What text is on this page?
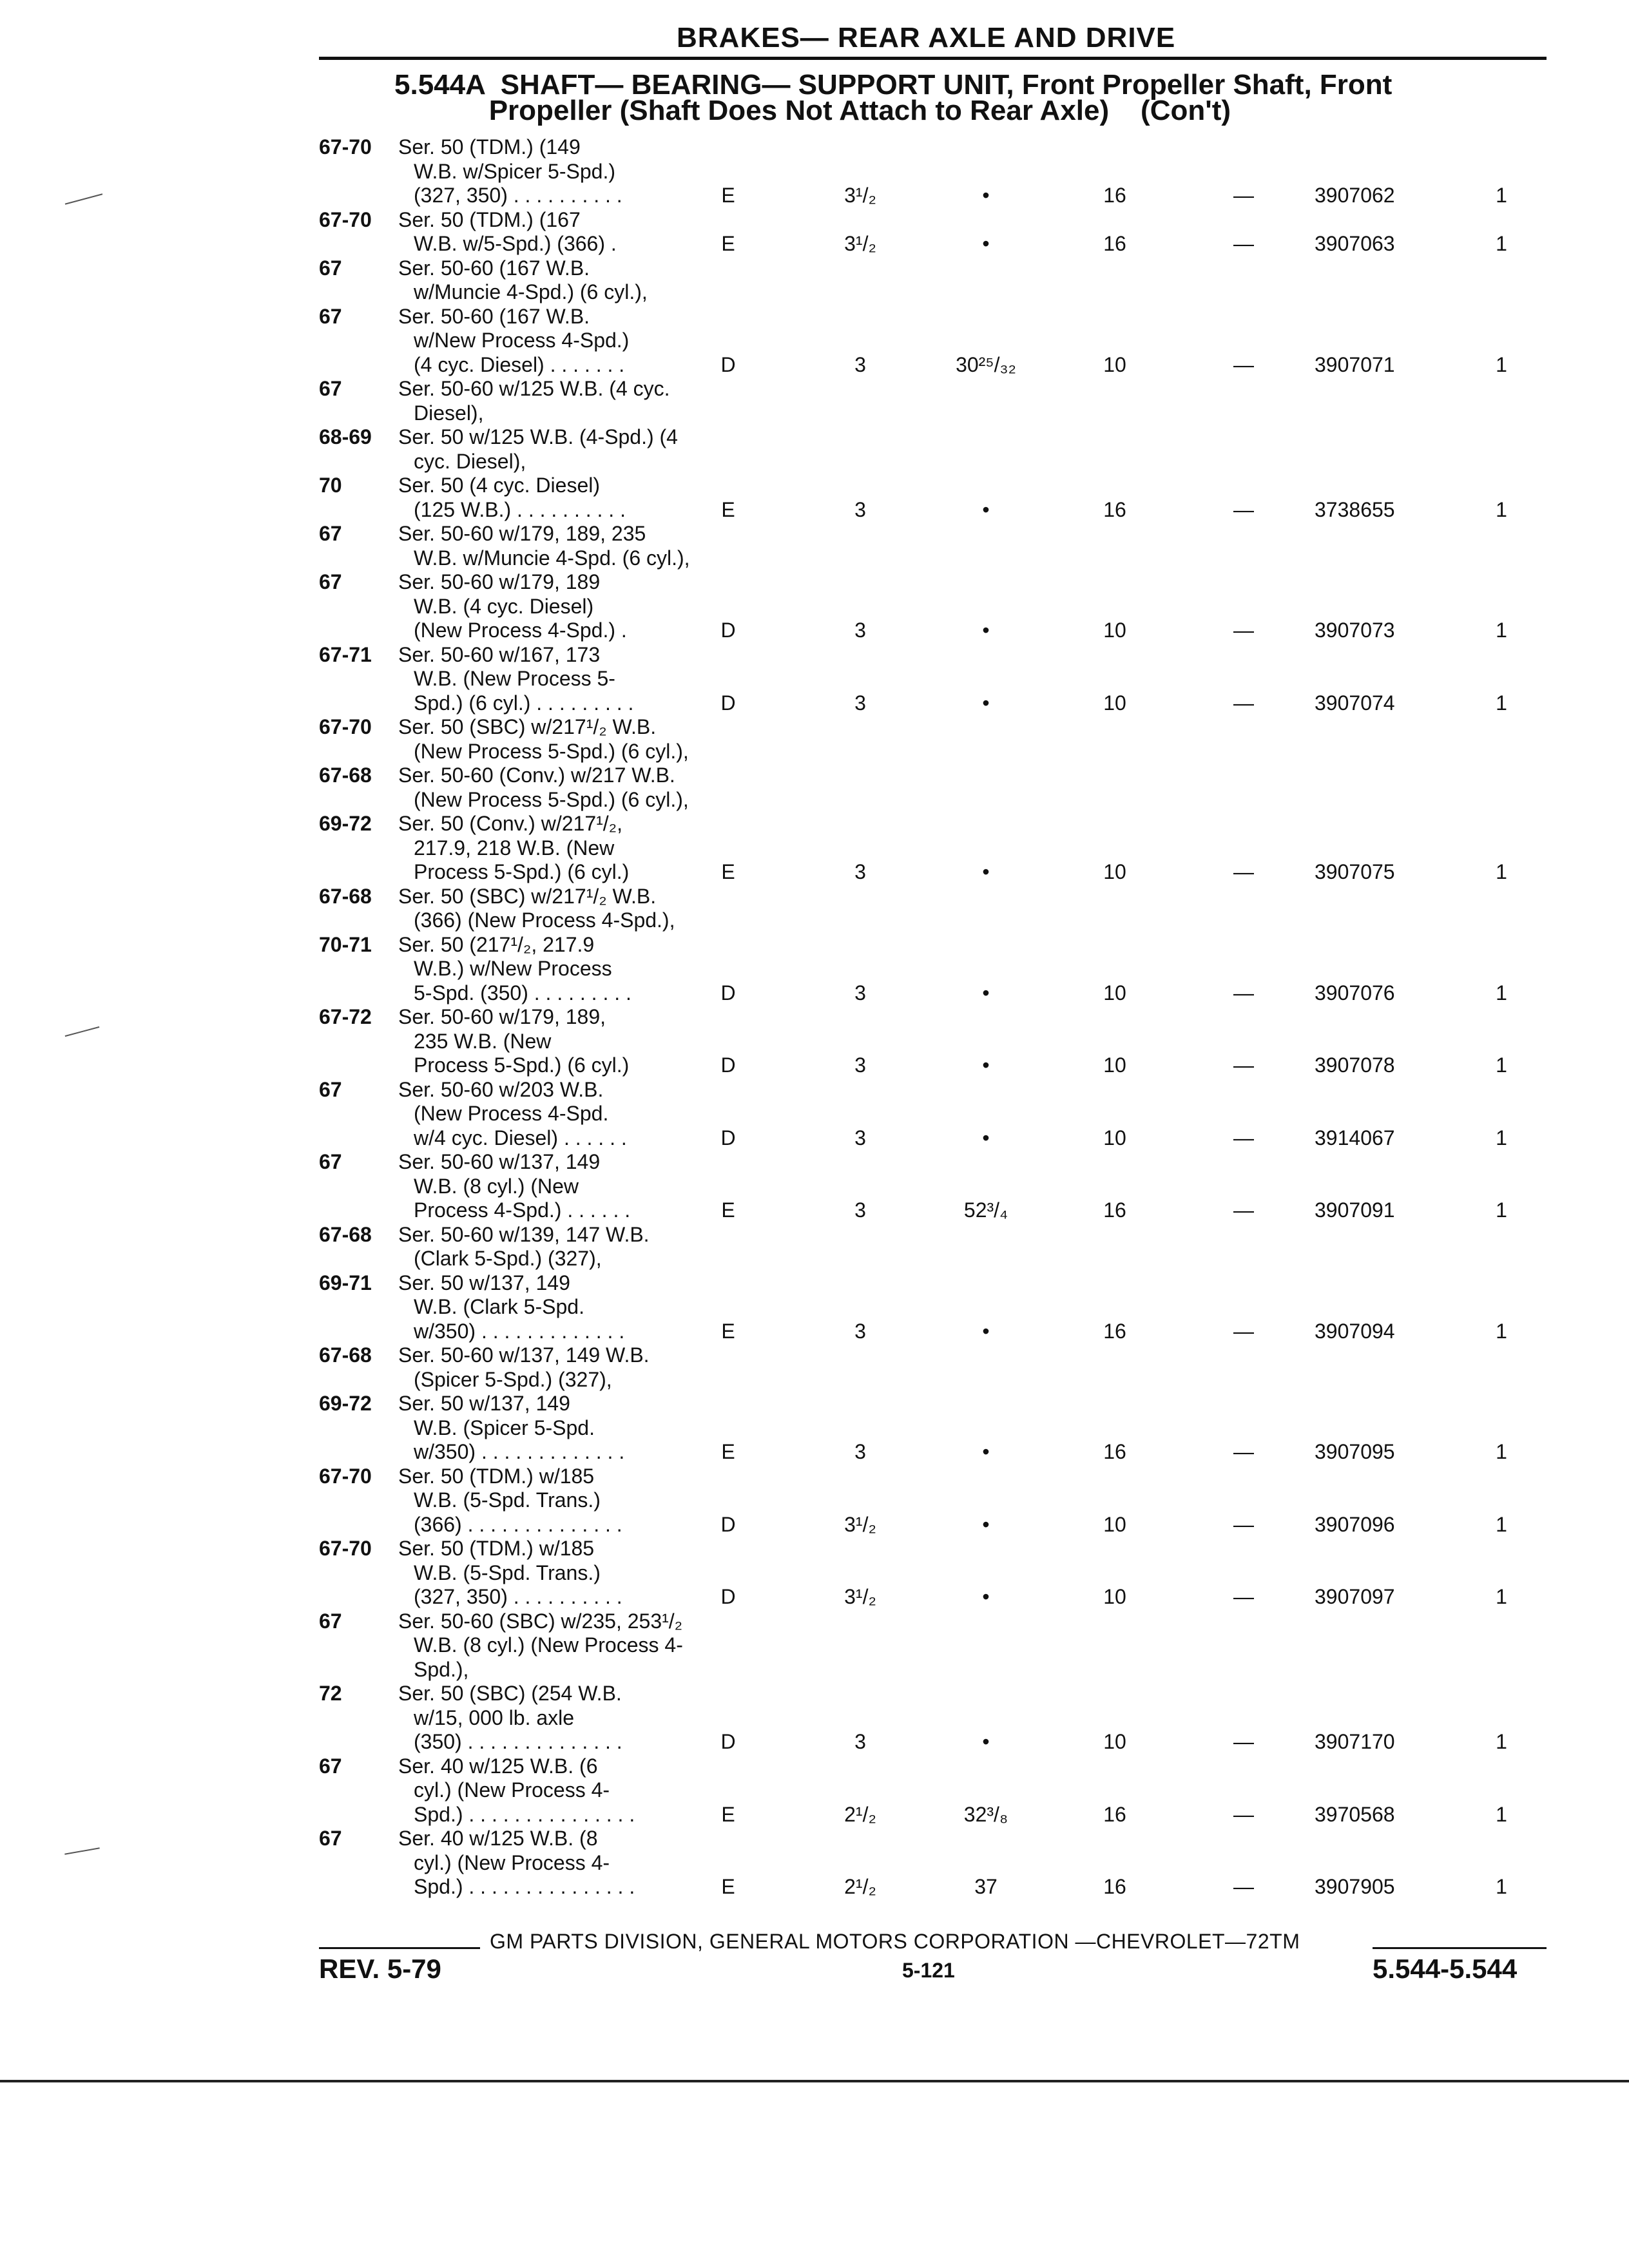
BRAKES— REAR AXLE AND DRIVE
5.544A  SHAFT— BEARING— SUPPORT UNIT, Front Propeller Shaft, Front
Propeller (Shaft Does Not Attach to Rear Axle)    (Con't)
67-70 Ser. 50 (TDM.) (149
W.B. w/Spicer 5-Spd.)
(327, 350) . . . . . . . . . .	E	3¹/₂	•	16	—	3907062	1
67-70 Ser. 50 (TDM.) (167
W.B. w/5-Spd.) (366) .	E	3¹/₂	•	16	—	3907063	1
67	Ser. 50-60 (167 W.B.
w/Muncie 4-Spd.) (6 cyl.),
67	Ser. 50-60 (167 W.B.
w/New Process 4-Spd.)
(4 cyc. Diesel) . . . . . . .	D	3	30²⁵/₃₂	10	—	3907071	1
67	Ser. 50-60 w/125 W.B. (4 cyc.
Diesel),
68-69 Ser. 50 w/125 W.B. (4-Spd.) (4
cyc. Diesel),
70	Ser. 50 (4 cyc. Diesel)
(125 W.B.) . . . . . . . . . .	E	3	•	16	—	3738655	1
67	Ser. 50-60 w/179, 189, 235
W.B. w/Muncie 4-Spd. (6 cyl.),
67	Ser. 50-60 w/179, 189
W.B. (4 cyc. Diesel)
(New Process 4-Spd.) .	D	3	•	10	—	3907073	1
67-71 Ser. 50-60 w/167, 173
W.B. (New Process 5-
Spd.) (6 cyl.) . . . . . . . . .	D	3	•	10	—	3907074	1
67-70 Ser. 50 (SBC) w/217¹/₂ W.B.
(New Process 5-Spd.) (6 cyl.),
67-68 Ser. 50-60 (Conv.) w/217 W.B.
(New Process 5-Spd.) (6 cyl.),
69-72 Ser. 50 (Conv.) w/217¹/₂,
217.9, 218 W.B. (New
Process 5-Spd.) (6 cyl.)	E	3	•	10	—	3907075	1
67-68 Ser. 50 (SBC) w/217¹/₂ W.B.
(366) (New Process 4-Spd.),
70-71 Ser. 50 (217¹/₂, 217.9
W.B.) w/New Process
5-Spd. (350) . . . . . . . . .	D	3	•	10	—	3907076	1
67-72 Ser. 50-60 w/179, 189,
235 W.B. (New
Process 5-Spd.) (6 cyl.)	D	3	•	10	—	3907078	1
67	Ser. 50-60 w/203 W.B.
(New Process 4-Spd.
w/4 cyc. Diesel) . . . . . .	D	3	•	10	—	3914067	1
67	Ser. 50-60 w/137, 149
W.B. (8 cyl.) (New
Process 4-Spd.) . . . . . .	E	3	52³/₄	16	—	3907091	1
67-68 Ser. 50-60 w/139, 147 W.B.
(Clark 5-Spd.) (327),
69-71 Ser. 50 w/137, 149
W.B. (Clark 5-Spd.
w/350) . . . . . . . . . . . . .	E	3	•	16	—	3907094	1
67-68 Ser. 50-60 w/137, 149 W.B.
(Spicer 5-Spd.) (327),
69-72 Ser. 50 w/137, 149
W.B. (Spicer 5-Spd.
w/350) . . . . . . . . . . . . .	E	3	•	16	—	3907095	1
67-70 Ser. 50 (TDM.) w/185
W.B. (5-Spd. Trans.)
(366) . . . . . . . . . . . . . .	D	3¹/₂	•	10	—	3907096	1
67-70 Ser. 50 (TDM.) w/185
W.B. (5-Spd. Trans.)
(327, 350) . . . . . . . . . .	D	3¹/₂	•	10	—	3907097	1
67	Ser. 50-60 (SBC) w/235, 253¹/₂
W.B. (8 cyl.) (New Process 4-
Spd.),
72	Ser. 50 (SBC) (254 W.B.
w/15, 000 lb. axle
(350) . . . . . . . . . . . . . .	D	3	•	10	—	3907170	1
67	Ser. 40 w/125 W.B. (6
cyl.) (New Process 4-
Spd.) . . . . . . . . . . . . . . .	E	2¹/₂	32³/₈	16	—	3970568	1
67	Ser. 40 w/125 W.B. (8
cyl.) (New Process 4-
Spd.) . . . . . . . . . . . . . . .	E	2¹/₂	37	16	—	3907905	1
GM PARTS DIVISION, GENERAL MOTORS CORPORATION —CHEVROLET—72TM
REV. 5-79	5-121	5.544-5.544
